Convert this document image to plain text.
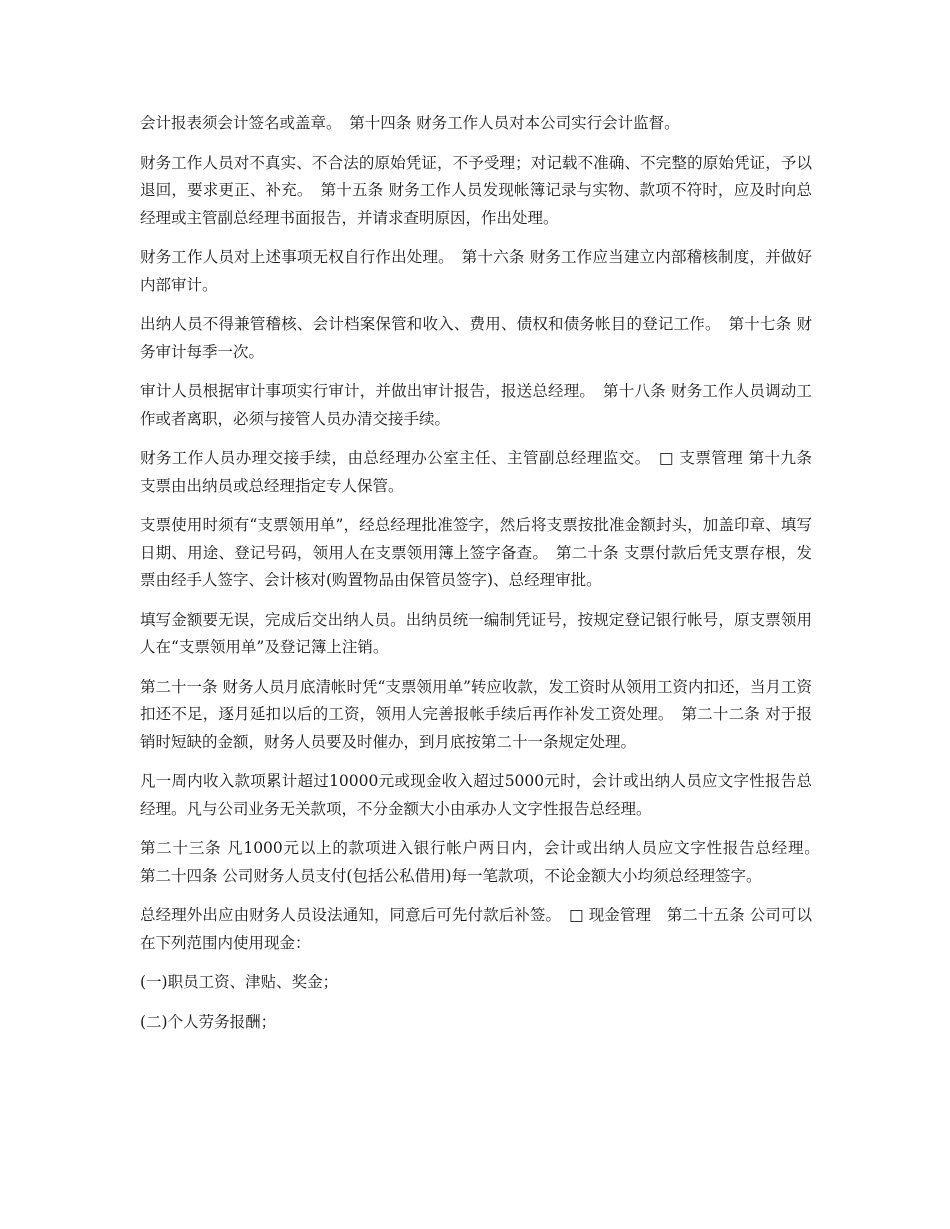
会计报表须会计签名或盖章。　第十四条 财务工作人员对本公司实行会计监督。

财务工作人员对不真实、不合法的原始凭证，不予受理；对记载不准确、不完整的原始凭证，予以退回，要求更正、补充。　第十五条 财务工作人员发现帐簿记录与实物、款项不符时，应及时向总经理或主管副总经理书面报告，并请求查明原因，作出处理。

财务工作人员对上述事项无权自行作出处理。　第十六条 财务工作应当建立内部稽核制度，并做好内部审计。

出纳人员不得兼管稽核、会计档案保管和收入、费用、债权和债务帐目的登记工作。　第十七条 财务审计每季一次。

审计人员根据审计事项实行审计，并做出审计报告，报送总经理。　第十八条 财务工作人员调动工作或者离职，必须与接管人员办清交接手续。

财务工作人员办理交接手续，由总经理办公室主任、主管副总经理监交。　□ 支票管理 第十九条 支票由出纳员或总经理指定专人保管。

支票使用时须有“支票领用单”，经总经理批准签字，然后将支票按批准金额封头，加盖印章、填写日期、用途、登记号码，领用人在支票领用簿上签字备查。　第二十条 支票付款后凭支票存根，发票由经手人签字、会计核对(购置物品由保管员签字)、总经理审批。

填写金额要无误，完成后交出纳人员。出纳员统一编制凭证号，按规定登记银行帐号，原支票领用人在“支票领用单”及登记簿上注销。

第二十一条 财务人员月底清帐时凭“支票领用单”转应收款，发工资时从领用工资内扣还，当月工资扣还不足，逐月延扣以后的工资，领用人完善报帐手续后再作补发工资处理。　第二十二条 对于报销时短缺的金额，财务人员要及时催办，到月底按第二十一条规定处理。

凡一周内收入款项累计超过10000元或现金收入超过5000元时，会计或出纳人员应文字性报告总经理。凡与公司业务无关款项，不分金额大小由承办人文字性报告总经理。

第二十三条 凡1000元以上的款项进入银行帐户两日内，会计或出纳人员应文字性报告总经理。　第二十四条 公司财务人员支付(包括公私借用)每一笔款项，不论金额大小均须总经理签字。

总经理外出应由财务人员设法通知，同意后可先付款后补签。　□ 现金管理　第二十五条 公司可以在下列范围内使用现金：

(一)职员工资、津贴、奖金；

(二)个人劳务报酬；
